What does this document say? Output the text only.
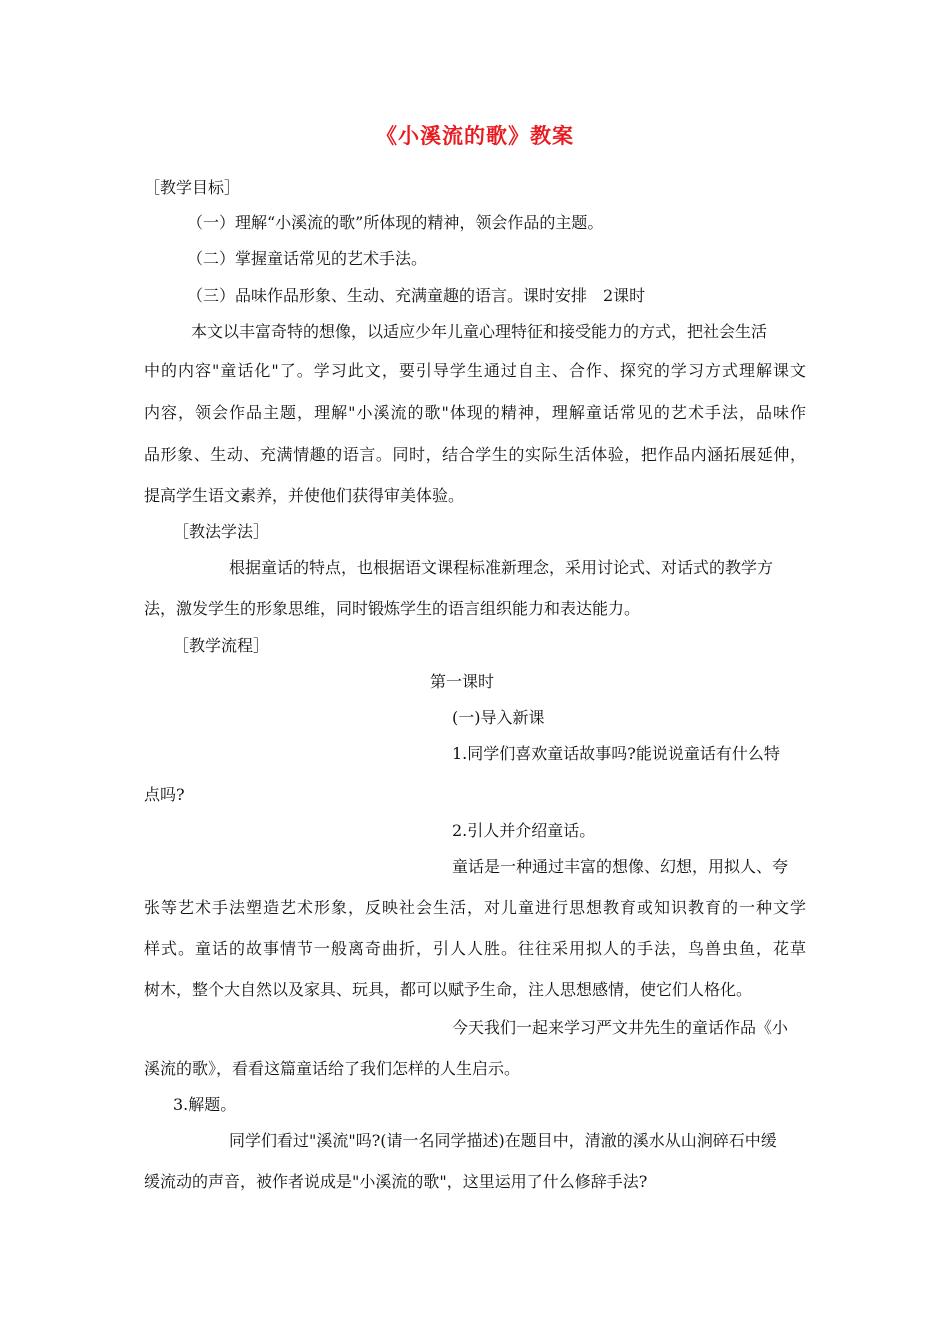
《小溪流的歌》教案
［教学目标］
（一）理解“小溪流的歌”所体现的精神，领会作品的主题。
（二）掌握童话常见的艺术手法。
（三）品味作品形象、生动、充满童趣的语言。课时安排　2课时
本文以丰富奇特的想像，以适应少年儿童心理特征和接受能力的方式，把社会生活
中的内容"童话化"了。学习此文，要引导学生通过自主、合作、探究的学习方式理解课文
内容，领会作品主题，理解"小溪流的歌"体现的精神，理解童话常见的艺术手法，品味作
品形象、生动、充满情趣的语言。同时，结合学生的实际生活体验，把作品内涵拓展延伸，
提高学生语文素养，并使他们获得审美体验。
［教法学法］
根据童话的特点，也根据语文课程标准新理念，采用讨论式、对话式的教学方
法，激发学生的形象思维，同时锻炼学生的语言组织能力和表达能力。
［教学流程］
第一课时
(一)导入新课
1.同学们喜欢童话故事吗?能说说童话有什么特
点吗?
2.引人并介绍童话。
童话是一种通过丰富的想像、幻想，用拟人、夸
张等艺术手法塑造艺术形象，反映社会生活，对儿童进行思想教育或知识教育的一种文学
样式。童话的故事情节一般离奇曲折，引人人胜。往往采用拟人的手法，鸟兽虫鱼，花草
树木，整个大自然以及家具、玩具，都可以赋予生命，注人思想感情，使它们人格化。
今天我们一起来学习严文井先生的童话作品《小
溪流的歌》，看看这篇童话给了我们怎样的人生启示。
3.解题。
同学们看过"溪流"吗?(请一名同学描述)在题目中，清澈的溪水从山涧碎石中缓
缓流动的声音，被作者说成是"小溪流的歌"，这里运用了什么修辞手法?
